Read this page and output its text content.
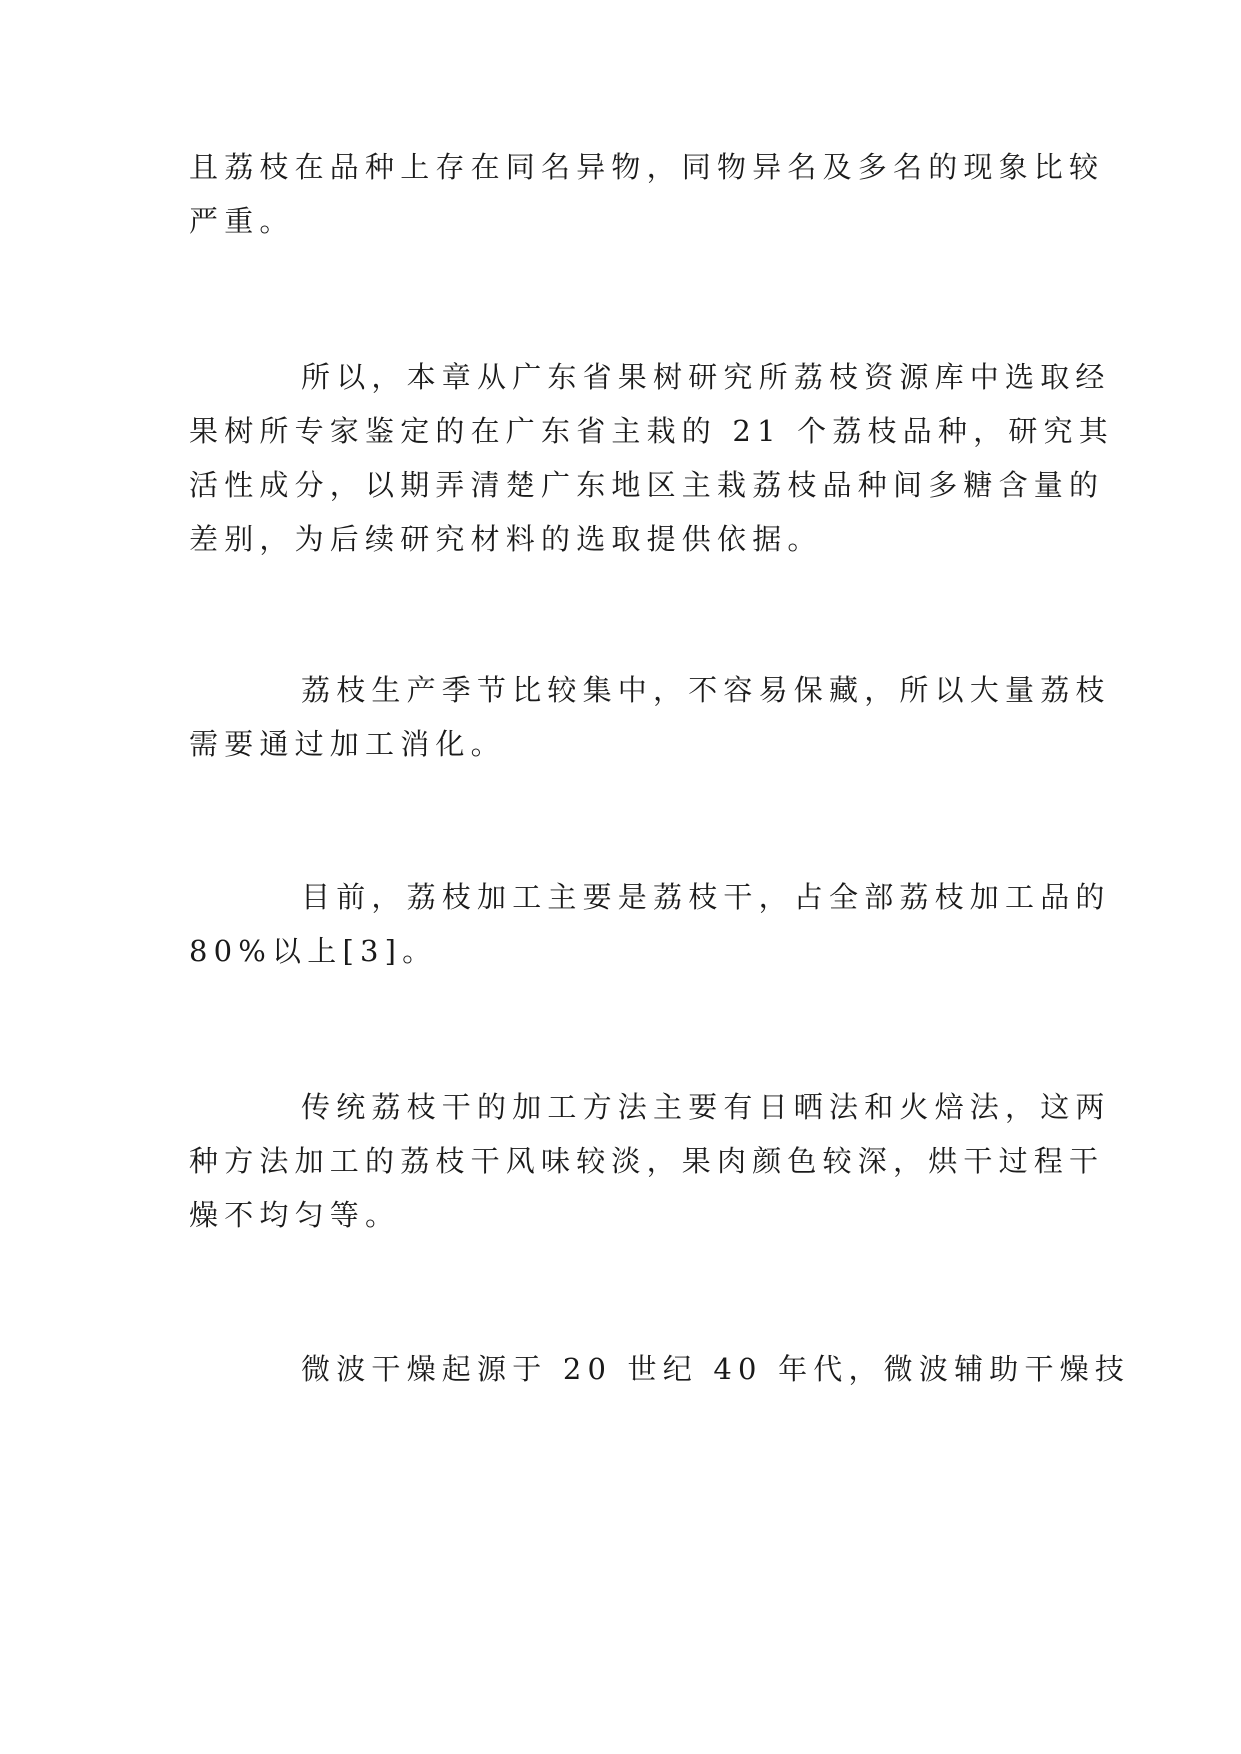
且荔枝在品种上存在同名异物，同物异名及多名的现象比较
严重。

所以，本章从广东省果树研究所荔枝资源库中选取经
果树所专家鉴定的在广东省主栽的 21 个荔枝品种，研究其
活性成分，以期弄清楚广东地区主栽荔枝品种间多糖含量的
差别，为后续研究材料的选取提供依据。

荔枝生产季节比较集中，不容易保藏，所以大量荔枝
需要通过加工消化。

目前，荔枝加工主要是荔枝干，占全部荔枝加工品的
80%以上[3]。

传统荔枝干的加工方法主要有日晒法和火焙法，这两
种方法加工的荔枝干风味较淡，果肉颜色较深，烘干过程干
燥不均匀等。

微波干燥起源于 20 世纪 40 年代，微波辅助干燥技
